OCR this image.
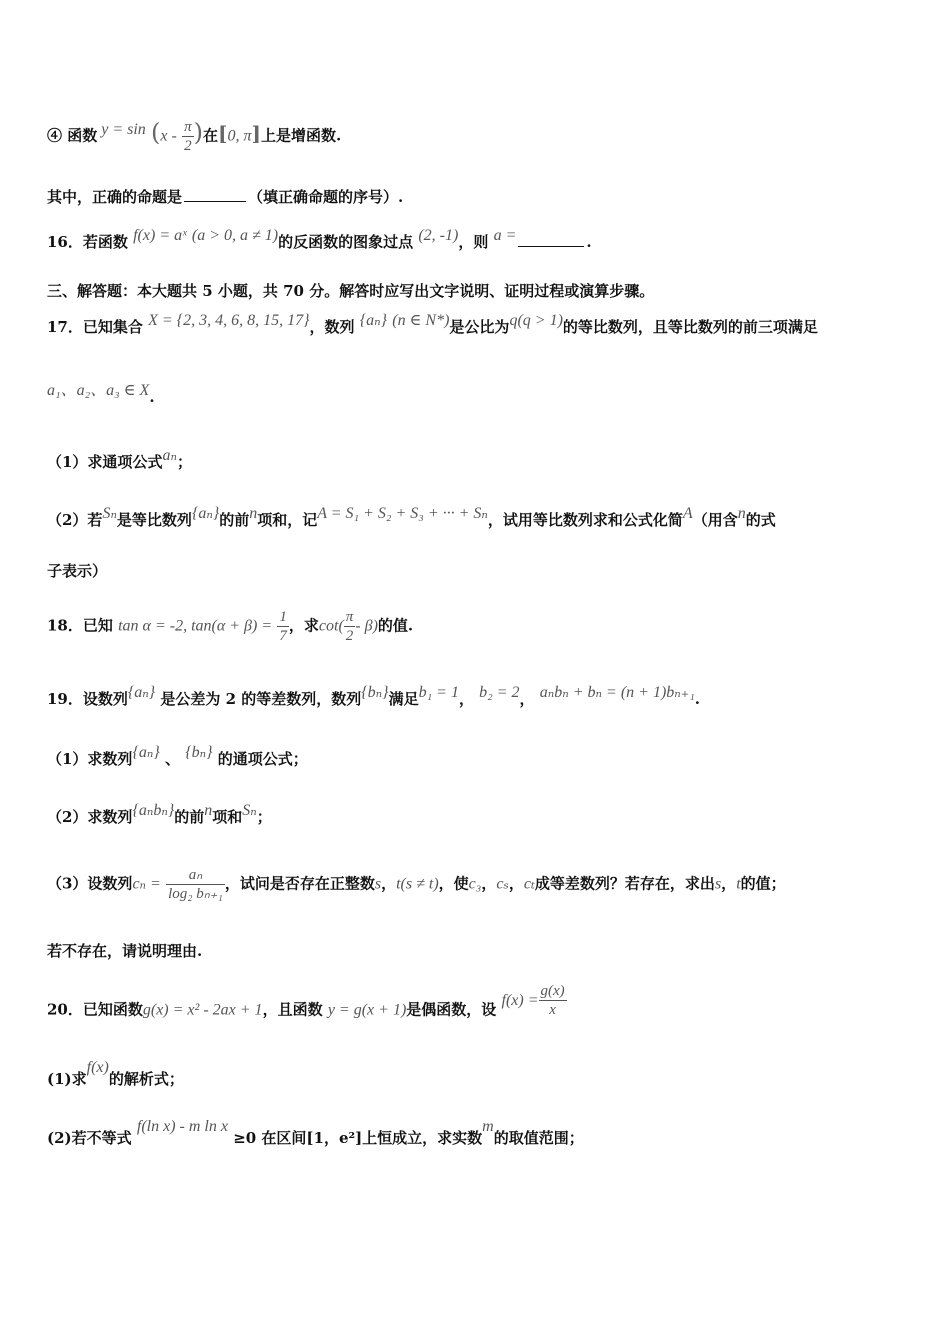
④ 函数 $y = \sin (x - \frac{\pi}{2}$ )在[0, π]上是增函数.
其中，正确的命题是	（填正确命题的序号）.
16．若函数 f(x) = aˣ (a > 0, a ≠ 1)的反函数的图象过点 (2, -1)，则 a =	.
三、解答题：本大题共 5 小题，共 70 分。解答时应写出文字说明、证明过程或演算步骤。
17．已知集合 X = {2, 3, 4, 6, 8, 15, 17}，数列 {aₙ} (n ∈ N*)是公比为q(q > 1)的等比数列，且等比数列的前三项满足
a₁、a₂、a₃ ∈ X.
（1）求通项公式aₙ；
（2）若Sₙ是等比数列{aₙ}的前n项和，记A = S₁ + S₂ + S₃ + ··· + Sₙ，试用等比数列求和公式化简A（用含n的式
子表示）
18．已知 tan α = -2, $\tan(\alpha + \beta) = \frac{1}{7}$ ，求$\cot( \frac{\pi}{2} - \beta)$的值.
19．设数列{aₙ} 是公差为 2 的等差数列，数列{bₙ}满足b₁ = 1， b₂ = 2， aₙbₙ + bₙ = (n + 1)bₙ₊₁.
（1）求数列{aₙ} 、 {bₙ} 的通项公式；
（2）求数列{aₙbₙ}的前n项和Sₙ；
（3）设数列$c_n = \frac{\text{aₙ}}{\text{log₂ bₙ₊₁}}$ ，试问是否存在正整数s，t(s ≠ t)，使c₃，cₛ，cₜ成等差数列？若存在，求出s，t的值；
若不存在，请说明理由.
20．已知函数g(x) = x² - 2ax + 1，且函数 y = g(x + 1)是偶函数，设 $f(x) = \frac{g(x)}{x}$
(1)求f(x)的解析式；
(2)若不等式 f(ln x) - m ln x ≥0 在区间[1，e²]上恒成立，求实数m的取值范围；
